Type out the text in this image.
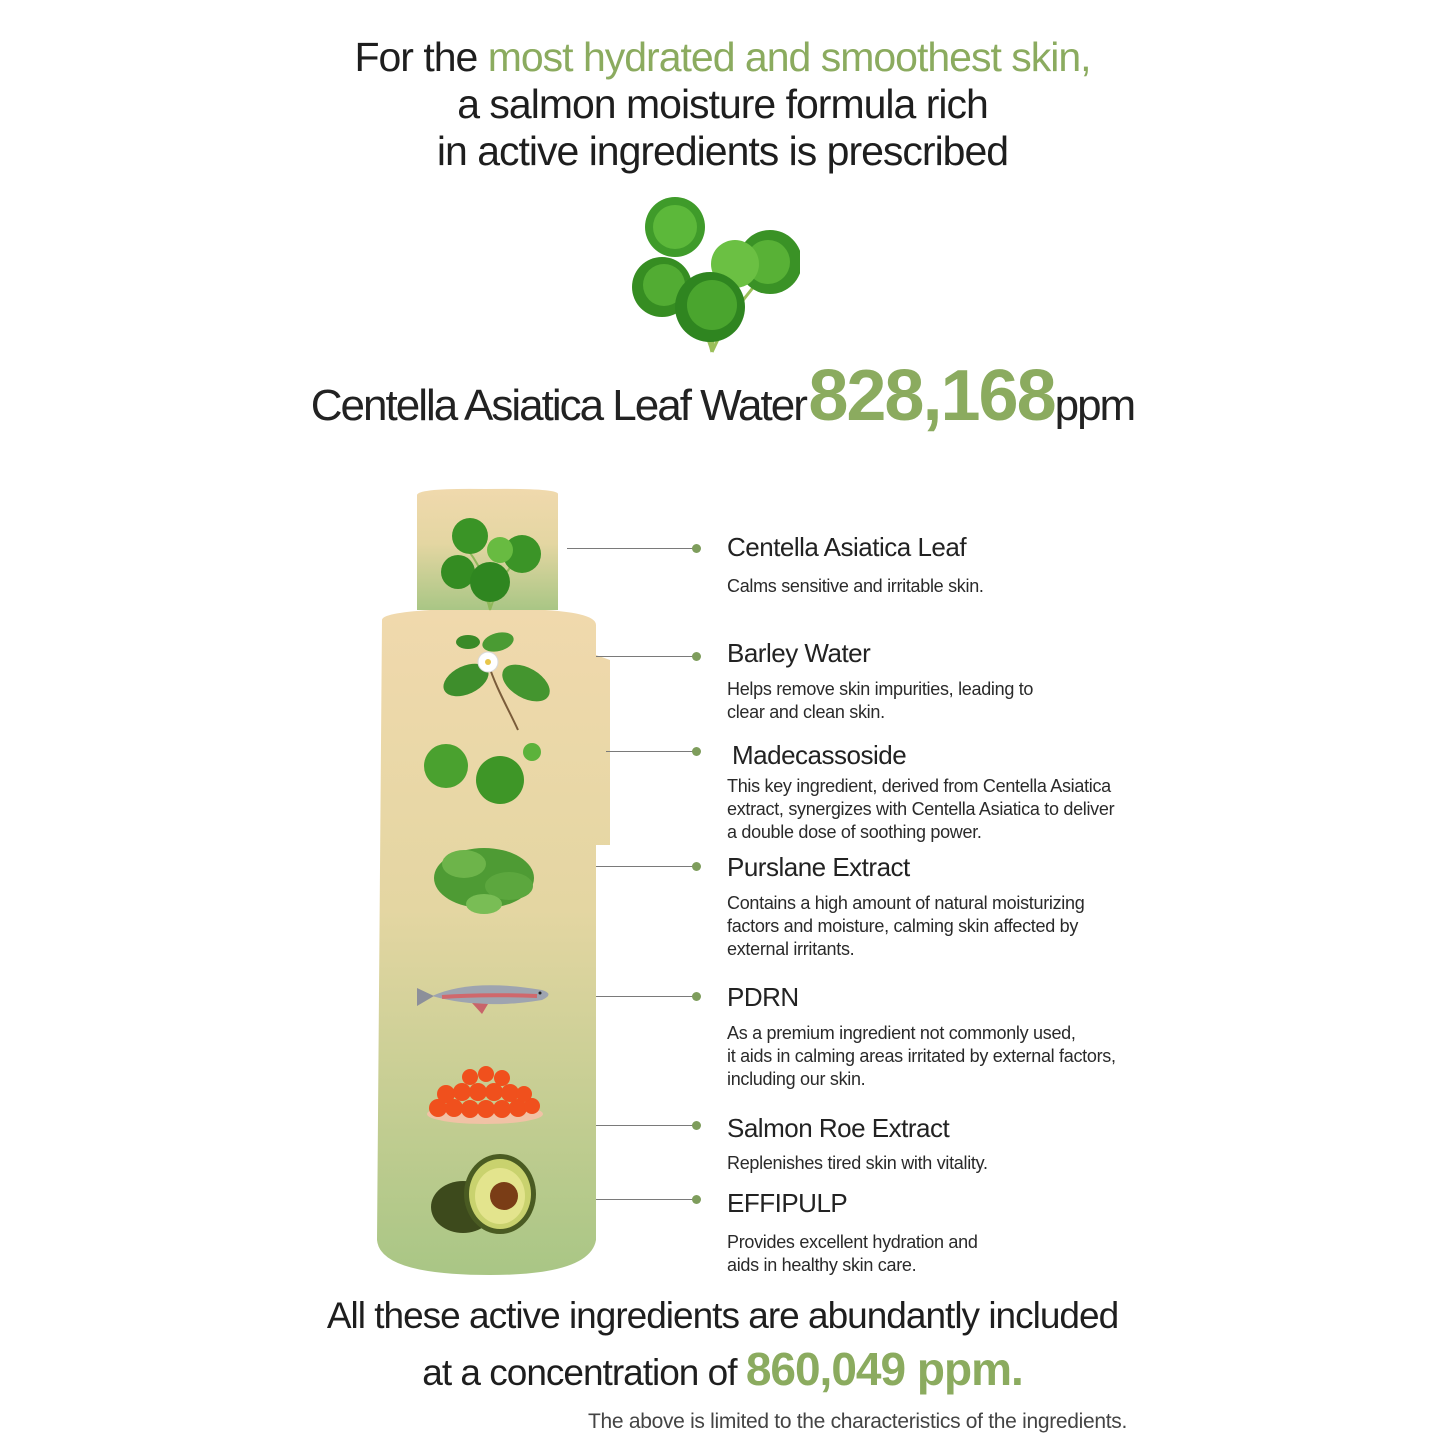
For the most hydrated and smoothest skin,
a salmon moisture formula rich
in active ingredients is prescribed
Centella Asiatica Leaf Water 828,168ppm
Centella Asiatica Leaf
Calms sensitive and irritable skin.
Barley Water
Helps remove skin impurities, leading to
clear and clean skin.
Madecassoside
This key ingredient, derived from Centella Asiatica
extract, synergizes with Centella Asiatica to deliver
a double dose of soothing power.
Purslane Extract
Contains a high amount of natural moisturizing
factors and moisture, calming skin affected by
external irritants.
PDRN
As a premium ingredient not commonly used,
it aids in calming areas irritated by external factors,
including our skin.
Salmon Roe Extract
Replenishes tired skin with vitality.
EFFIPULP
Provides excellent hydration and
aids in healthy skin care.
All these active ingredients are abundantly included
at a concentration of 860,049 ppm.
The above is limited to the characteristics of the ingredients.
